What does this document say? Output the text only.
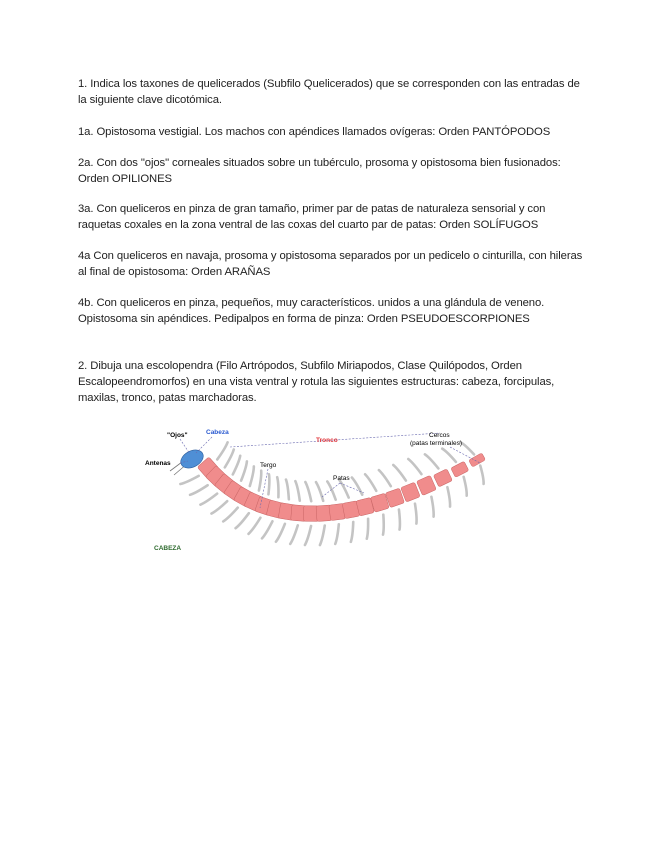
1. Indica los taxones de quelicerados (Subfilo Quelicerados) que se corresponden con las entradas de la siguiente clave dicotómica.

1a. Opistosoma vestigial. Los machos con apéndices llamados ovígeras: Orden PANTÓPODOS

2a. Con dos "ojos" corneales situados sobre un tubérculo, prosoma y opistosoma bien fusionados: Orden OPILIONES

3a. Con queliceros en pinza de gran tamaño, primer par de patas de naturaleza sensorial y con raquetas coxales en la zona ventral de las coxas del cuarto par de patas: Orden SOLÍFUGOS

4a Con queliceros en navaja, prosoma y opistosoma separados por un pedicelo o cinturilla, con hileras al final de opistosoma: Orden ARAÑAS

4b. Con queliceros en pinza, pequeños, muy característicos. unidos a una glándula de veneno. Opistosoma sin apéndices. Pedipalpos en forma de pinza: Orden PSEUDOESCORPIONES

2. Dibuja una escolopendra (Filo Artrópodos, Subfilo Miriapodos, Clase Quilópodos, Orden Escalopeendromorfos) en una vista ventral y rotula las siguientes estructuras: cabeza, forcipulas, maxilas, tronco, patas marchadoras.

"Ojos"	Cabeza
Tronco
Cercos
(patas terminales)
Antenas	Tergo
Patas
CABEZA
